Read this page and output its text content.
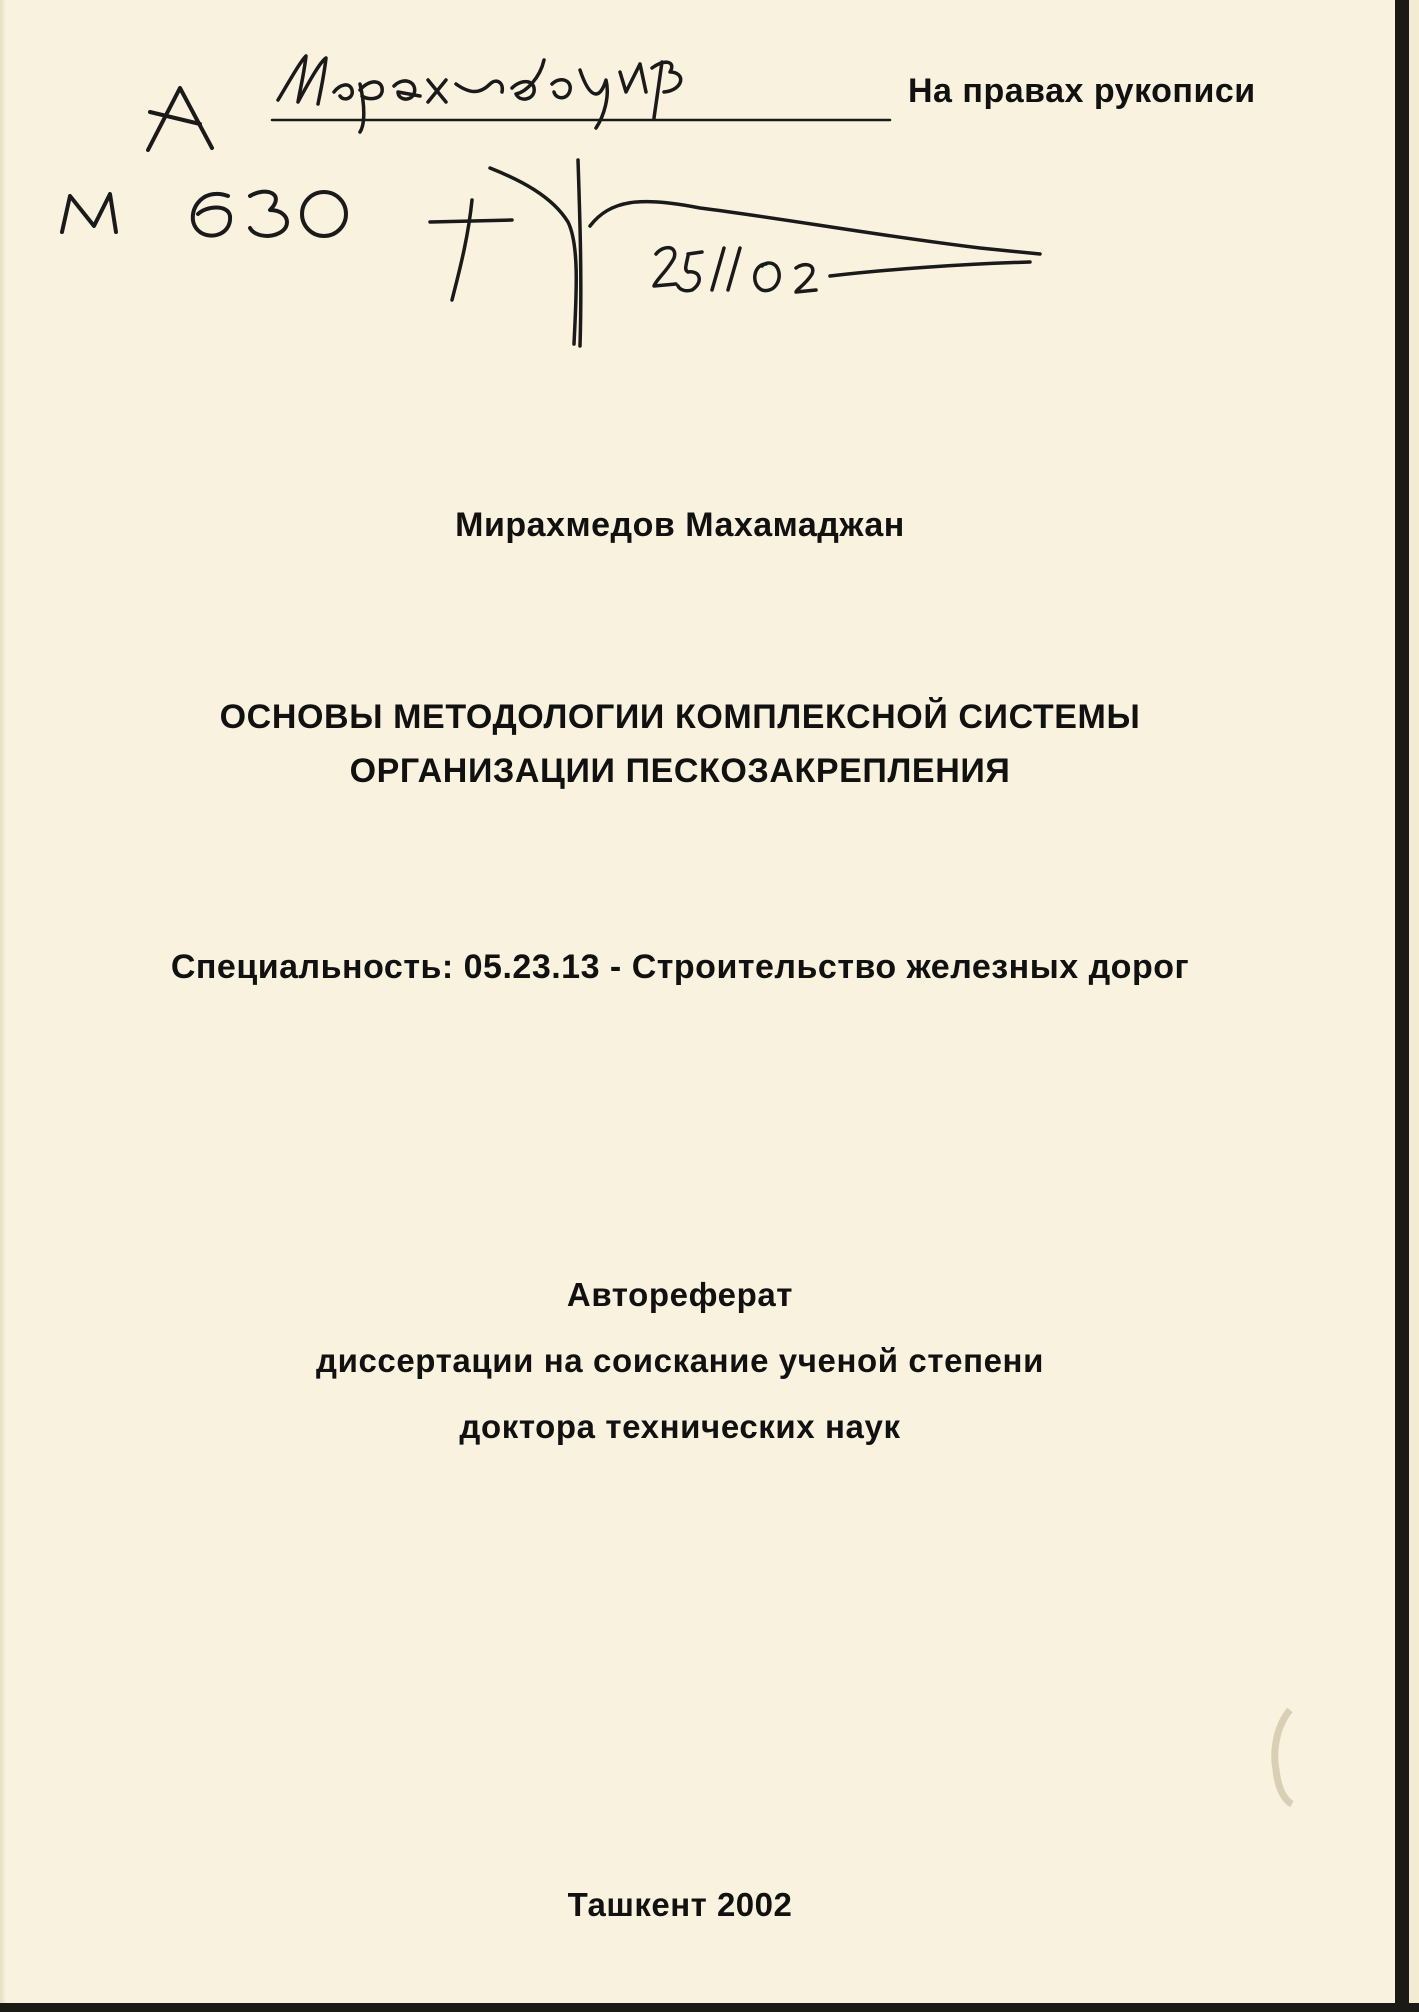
На правах рукописи
Мирахмедов Махамаджан
ОСНОВЫ МЕТОДОЛОГИИ КОМПЛЕКСНОЙ СИСТЕМЫ
ОРГАНИЗАЦИИ ПЕСКОЗАКРЕПЛЕНИЯ
Специальность: 05.23.13 - Строительство железных дорог
Автореферат
диссертации на соискание ученой степени
доктора технических наук
Ташкент 2002
